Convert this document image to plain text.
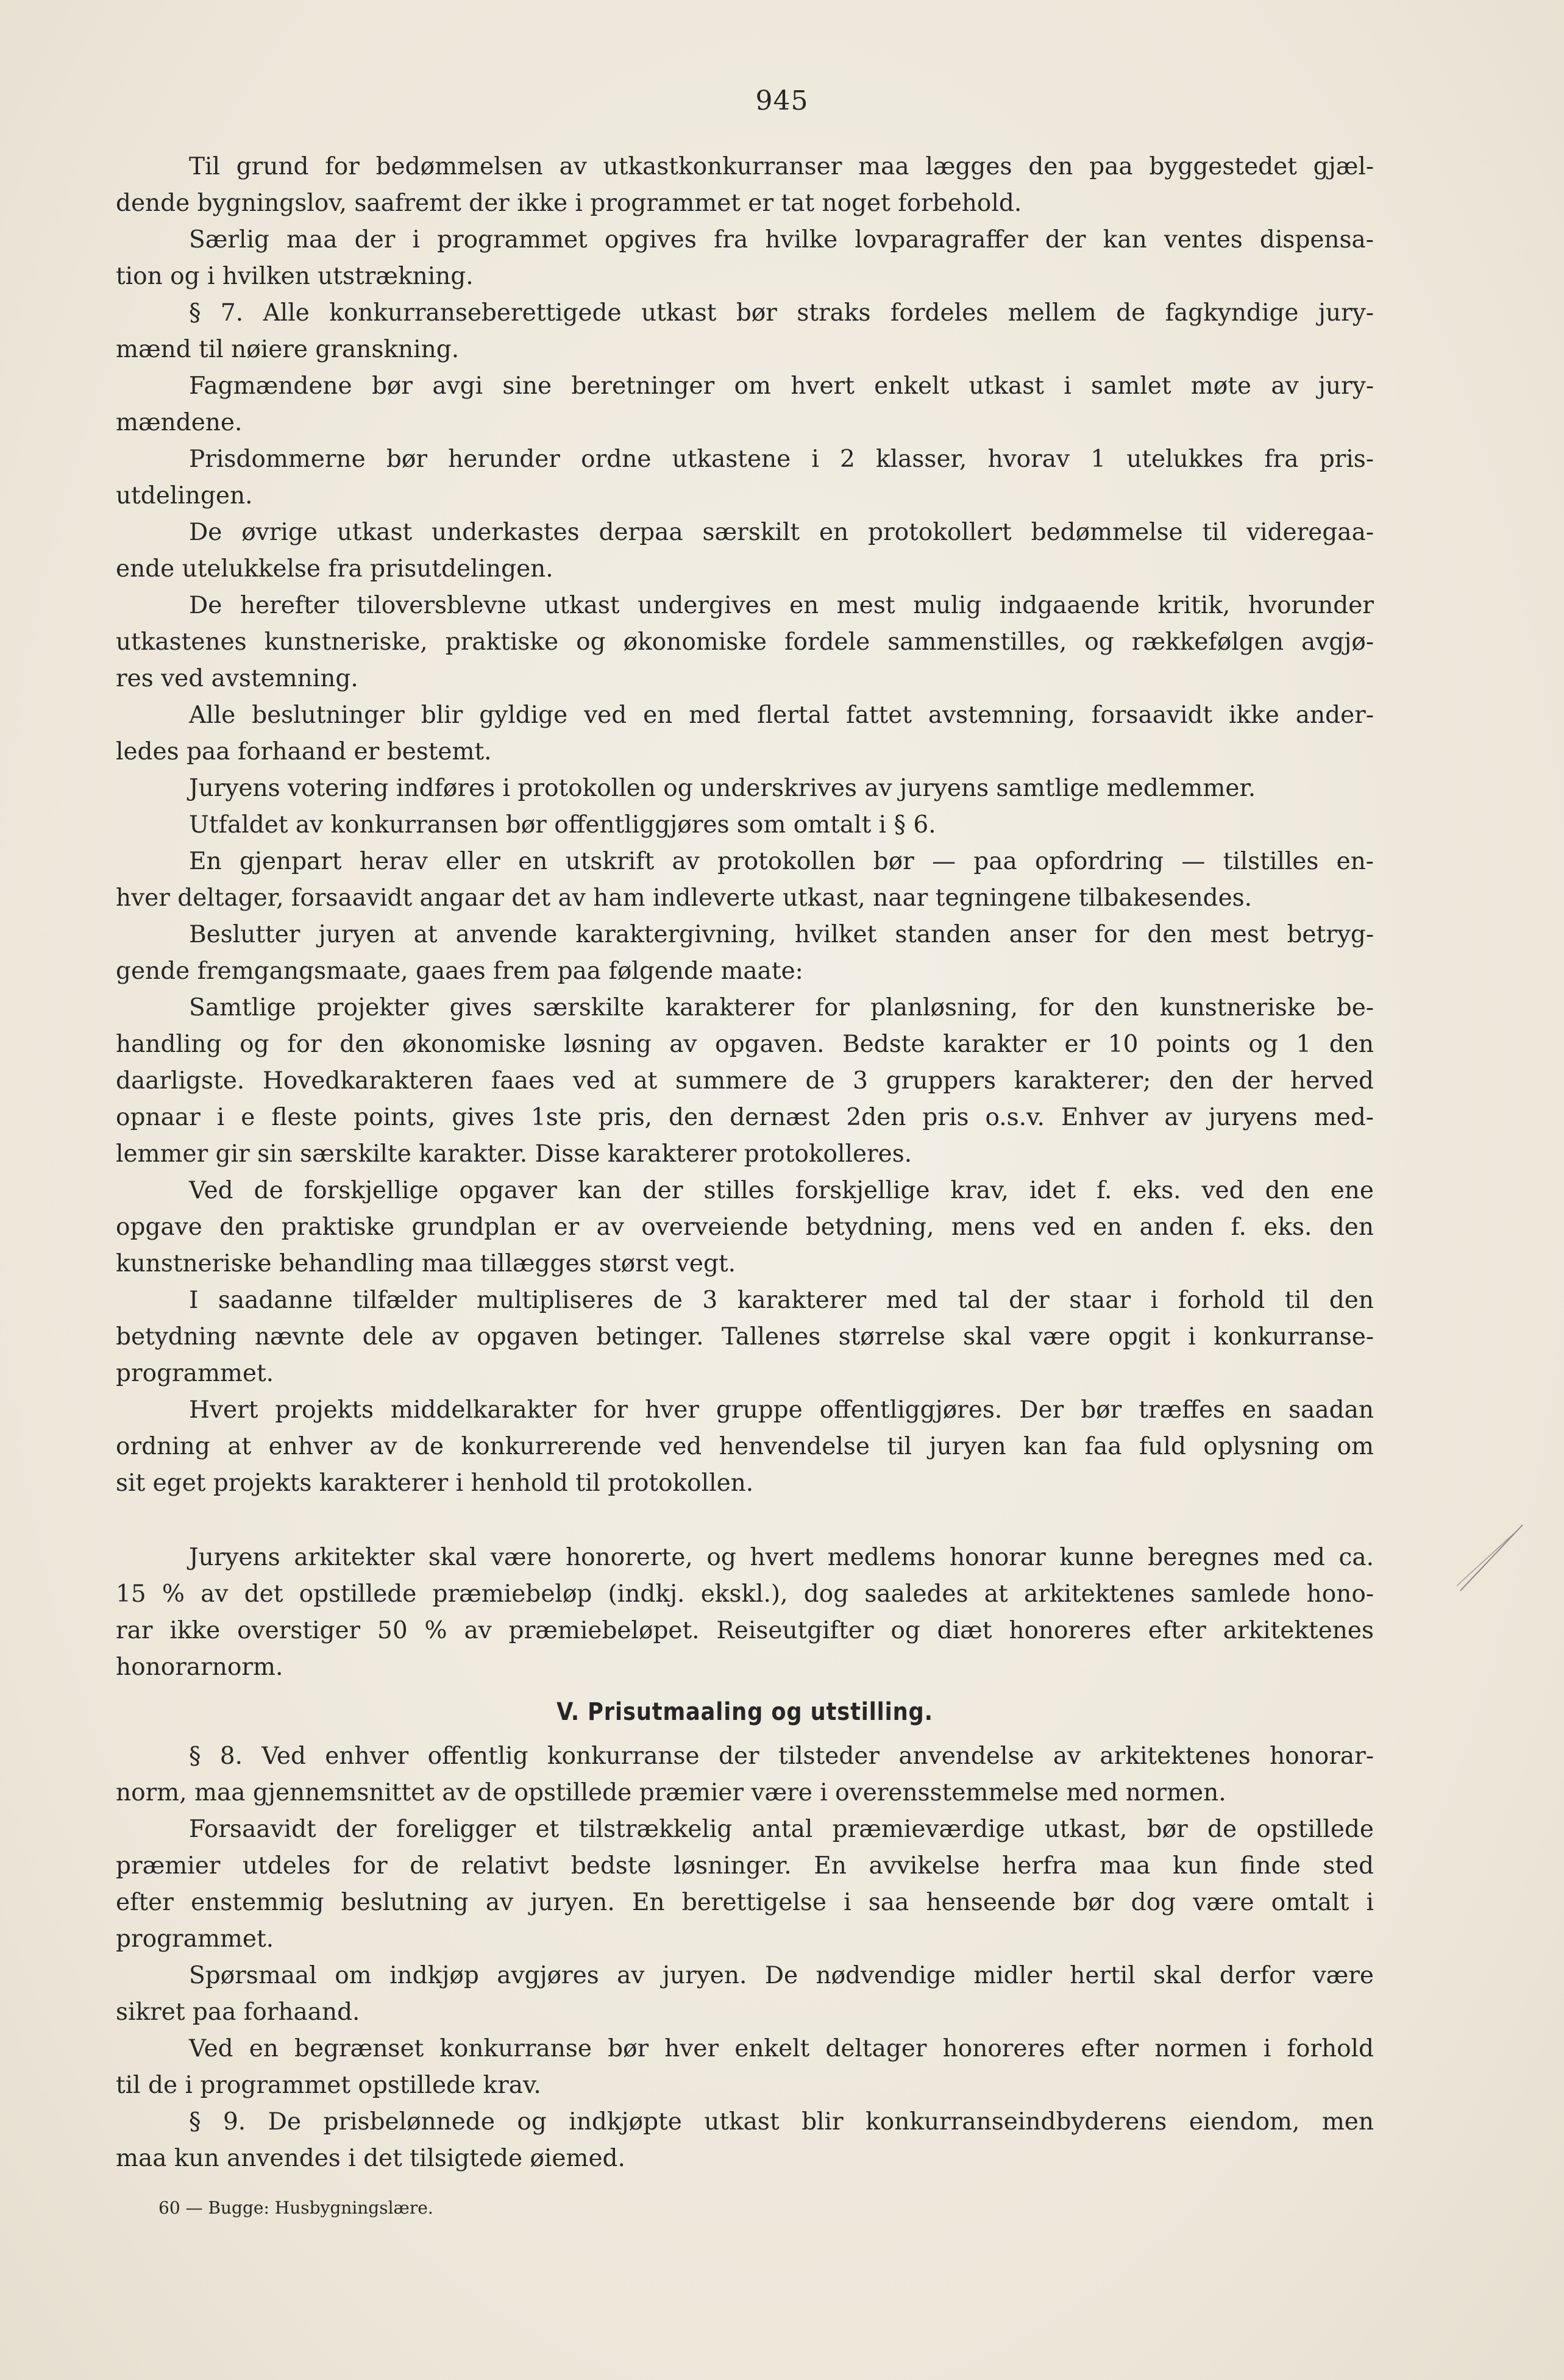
945
Til grund for bedømmelsen av utkastkonkurranser maa lægges den paa byggestedet gjæl-
dende bygningslov, saafremt der ikke i programmet er tat noget forbehold.
Særlig maa der i programmet opgives fra hvilke lovparagraffer der kan ventes dispensa-
tion og i hvilken utstrækning.
§ 7. Alle konkurranseberettigede utkast bør straks fordeles mellem de fagkyndige jury-
mænd til nøiere granskning.
Fagmændene bør avgi sine beretninger om hvert enkelt utkast i samlet møte av jury-
mændene.
Prisdommerne bør herunder ordne utkastene i 2 klasser, hvorav 1 utelukkes fra pris-
utdelingen.
De øvrige utkast underkastes derpaa særskilt en protokollert bedømmelse til videregaa-
ende utelukkelse fra prisutdelingen.
De herefter tiloversblevne utkast undergives en mest mulig indgaaende kritik, hvorunder
utkastenes kunstneriske, praktiske og økonomiske fordele sammenstilles, og rækkefølgen avgjø-
res ved avstemning.
Alle beslutninger blir gyldige ved en med flertal fattet avstemning, forsaavidt ikke ander-
ledes paa forhaand er bestemt.
Juryens votering indføres i protokollen og underskrives av juryens samtlige medlemmer.
Utfaldet av konkurransen bør offentliggjøres som omtalt i § 6.
En gjenpart herav eller en utskrift av protokollen bør — paa opfordring — tilstilles en-
hver deltager, forsaavidt angaar det av ham indleverte utkast, naar tegningene tilbakesendes.
Beslutter juryen at anvende karaktergivning, hvilket standen anser for den mest betryg-
gende fremgangsmaate, gaaes frem paa følgende maate:
Samtlige projekter gives særskilte karakterer for planløsning, for den kunstneriske be-
handling og for den økonomiske løsning av opgaven. Bedste karakter er 10 points og 1 den
daarligste. Hovedkarakteren faaes ved at summere de 3 gruppers karakterer; den der herved
opnaar i e fleste points, gives 1ste pris, den dernæst 2den pris o.s.v. Enhver av juryens med-
lemmer gir sin særskilte karakter. Disse karakterer protokolleres.
Ved de forskjellige opgaver kan der stilles forskjellige krav, idet f. eks. ved den ene
opgave den praktiske grundplan er av overveiende betydning, mens ved en anden f. eks. den
kunstneriske behandling maa tillægges størst vegt.
I saadanne tilfælder multipliseres de 3 karakterer med tal der staar i forhold til den
betydning nævnte dele av opgaven betinger. Tallenes størrelse skal være opgit i konkurranse-
programmet.
Hvert projekts middelkarakter for hver gruppe offentliggjøres. Der bør træffes en saadan
ordning at enhver av de konkurrerende ved henvendelse til juryen kan faa fuld oplysning om
sit eget projekts karakterer i henhold til protokollen.
Juryens arkitekter skal være honorerte, og hvert medlems honorar kunne beregnes med ca.
15 % av det opstillede præmiebeløp (indkj. ekskl.), dog saaledes at arkitektenes samlede hono-
rar ikke overstiger 50 % av præmiebeløpet. Reiseutgifter og diæt honoreres efter arkitektenes
honorarnorm.
V. Prisutmaaling og utstilling.
§ 8. Ved enhver offentlig konkurranse der tilsteder anvendelse av arkitektenes honorar-
norm, maa gjennemsnittet av de opstillede præmier være i overensstemmelse med normen.
Forsaavidt der foreligger et tilstrækkelig antal præmieværdige utkast, bør de opstillede
præmier utdeles for de relativt bedste løsninger. En avvikelse herfra maa kun finde sted
efter enstemmig beslutning av juryen. En berettigelse i saa henseende bør dog være omtalt i
programmet.
Spørsmaal om indkjøp avgjøres av juryen. De nødvendige midler hertil skal derfor være
sikret paa forhaand.
Ved en begrænset konkurranse bør hver enkelt deltager honoreres efter normen i forhold
til de i programmet opstillede krav.
§ 9. De prisbelønnede og indkjøpte utkast blir konkurranseindbyderens eiendom, men
maa kun anvendes i det tilsigtede øiemed.
60 — Bugge: Husbygningslære.
